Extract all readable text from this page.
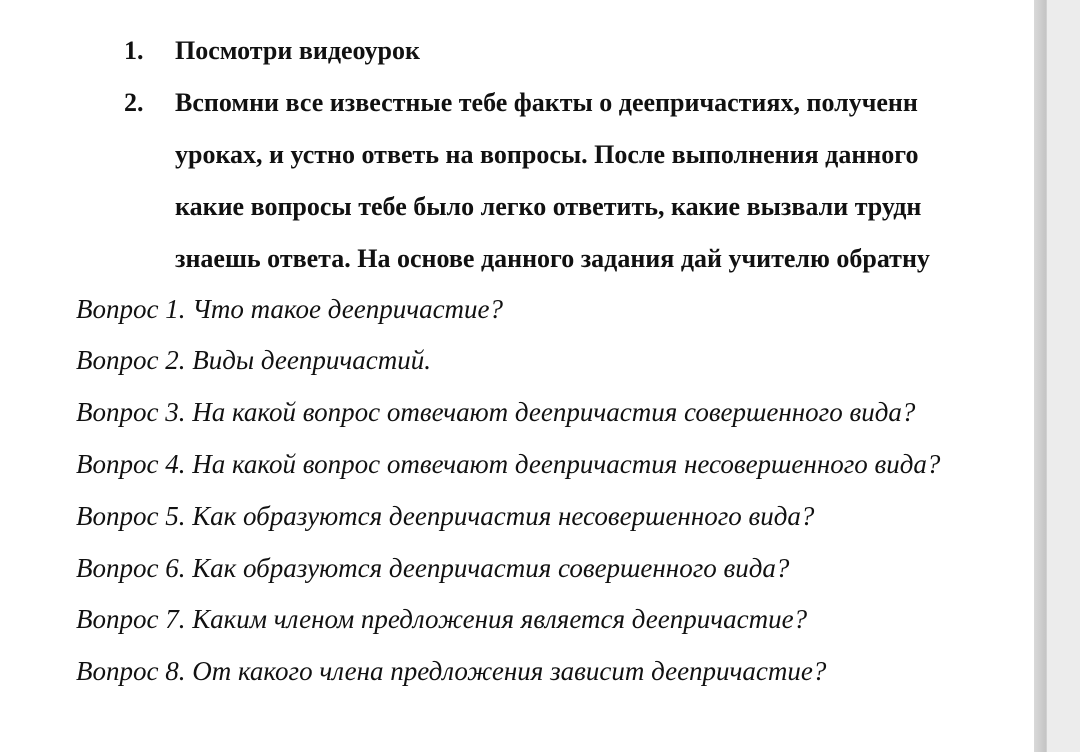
1. Посмотри видеоурок
2. Вспомни все известные тебе факты о деепричастиях, полученн
уроках, и устно ответь на вопросы. После выполнения данного
какие вопросы тебе было легко ответить, какие вызвали трудн
знаешь ответа. На основе данного задания дай учителю обратну
Вопрос 1. Что такое деепричастие?
Вопрос 2. Виды деепричастий.
Вопрос 3. На какой вопрос отвечают деепричастия совершенного вида?
Вопрос 4. На какой вопрос отвечают деепричастия несовершенного вида?
Вопрос 5. Как образуются деепричастия несовершенного вида?
Вопрос 6. Как образуются деепричастия совершенного вида?
Вопрос 7. Каким членом предложения является деепричастие?
Вопрос 8. От какого члена предложения зависит деепричастие?
